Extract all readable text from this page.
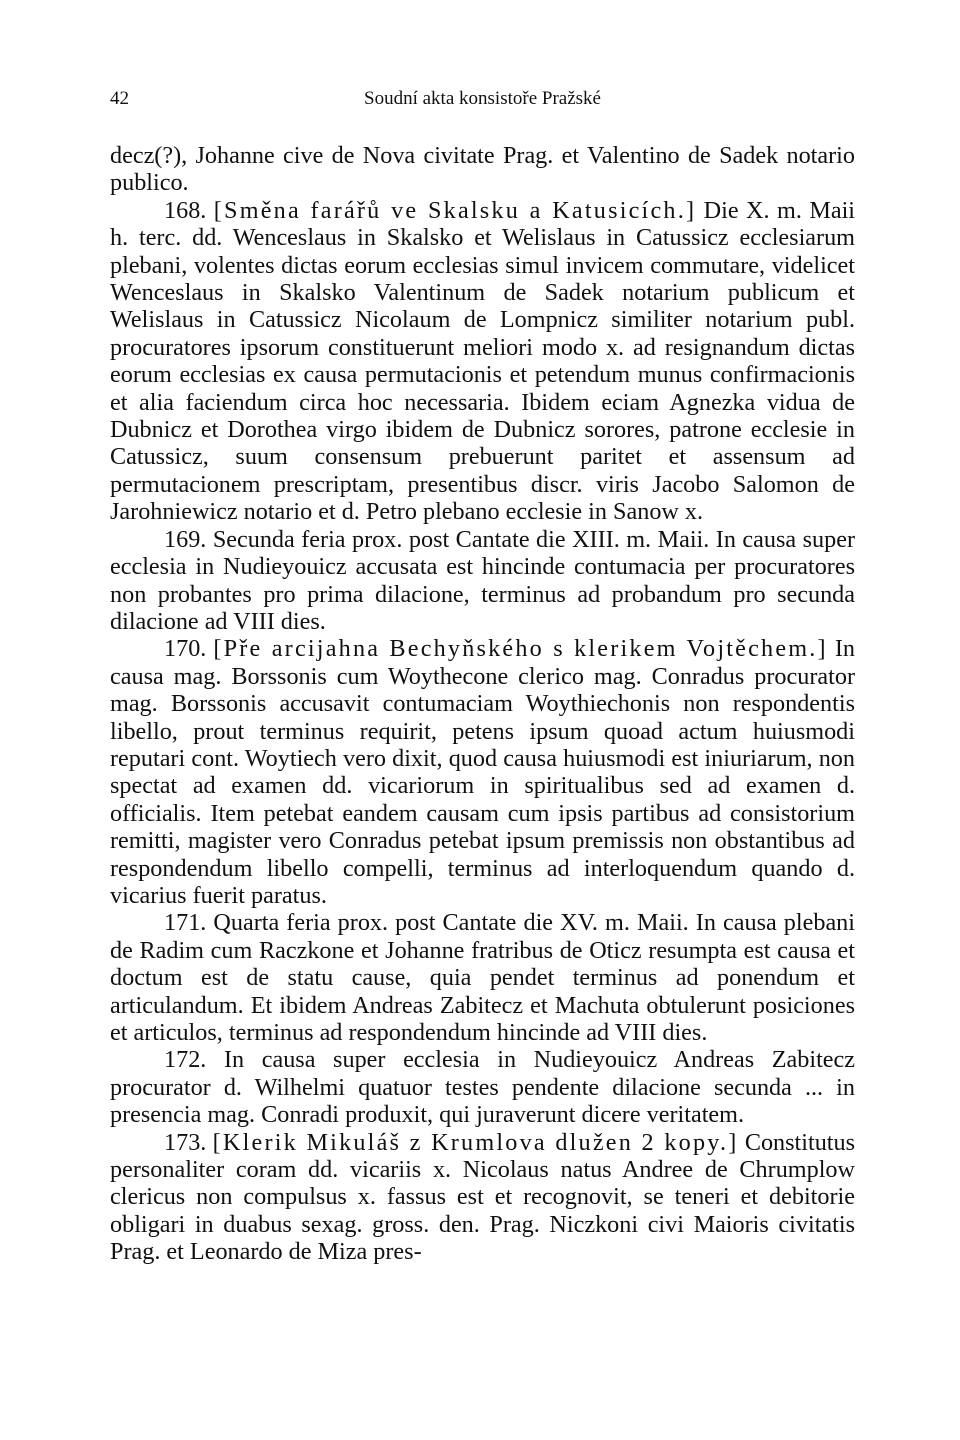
42	Soudní akta konsistoře Pražské

decz(?), Johanne cive de Nova civitate Prag. et Valentino de Sadek notario publico.

168. [Směna farářů ve Skalsku a Katusicích.] Die X. m. Maii h. terc. dd. Wenceslaus in Skalsko et Welislaus in Catussicz ecclesiarum plebani, volentes dictas eorum ecclesias simul invicem commutare, videlicet Wenceslaus in Skalsko Valentinum de Sadek notarium publicum et Welislaus in Catussicz Nicolaum de Lompnicz similiter notarium publ. procuratores ipsorum constituerunt meliori modo x. ad resignandum dictas eorum ecclesias ex causa permutacionis et petendum munus confirmacionis et alia faciendum circa hoc necessaria. Ibidem eciam Agnezka vidua de Dubnicz et Dorothea virgo ibidem de Dubnicz sorores, patrone ecclesie in Catussicz, suum consensum prebuerunt paritet et assensum ad permutacionem prescriptam, presentibus discr. viris Jacobo Salomon de Jarohniewicz notario et d. Petro plebano ecclesie in Sanow x.

169. Secunda feria prox. post Cantate die XIII. m. Maii. In causa super ecclesia in Nudieyouicz accusata est hincinde contumacia per procuratores non probantes pro prima dilacione, terminus ad probandum pro secunda dilacione ad VIII dies.

170. [Pře arcijahna Bechyňského s klerikem Vojtěchem.] In causa mag. Borssonis cum Woythecone clerico mag. Conradus procurator mag. Borssonis accusavit contumaciam Woythiechonis non respondentis libello, prout terminus requirit, petens ipsum quoad actum huiusmodi reputari cont. Woytiech vero dixit, quod causa huiusmodi est iniuriarum, non spectat ad examen dd. vicariorum in spiritualibus sed ad examen d. officialis. Item petebat eandem causam cum ipsis partibus ad consistorium remitti, magister vero Conradus petebat ipsum premissis non obstantibus ad respondendum libello compelli, terminus ad interloquendum quando d. vicarius fuerit paratus.

171. Quarta feria prox. post Cantate die XV. m. Maii. In causa plebani de Radim cum Raczkone et Johanne fratribus de Oticz resumpta est causa et doctum est de statu cause, quia pendet terminus ad ponendum et articulandum. Et ibidem Andreas Zabitecz et Machuta obtulerunt posiciones et articulos, terminus ad respondendum hincinde ad VIII dies.

172. In causa super ecclesia in Nudieyouicz Andreas Zabitecz procurator d. Wilhelmi quatuor testes pendente dilacione secunda ... in presencia mag. Conradi produxit, qui juraverunt dicere veritatem.

173. [Klerik Mikuláš z Krumlova dlužen 2 kopy.] Constitutus personaliter coram dd. vicariis x. Nicolaus natus Andree de Chrumplow clericus non compulsus x. fassus est et recognovit, se teneri et debitorie obligari in duabus sexag. gross. den. Prag. Niczkoni civi Maioris civitatis Prag. et Leonardo de Miza pres-
